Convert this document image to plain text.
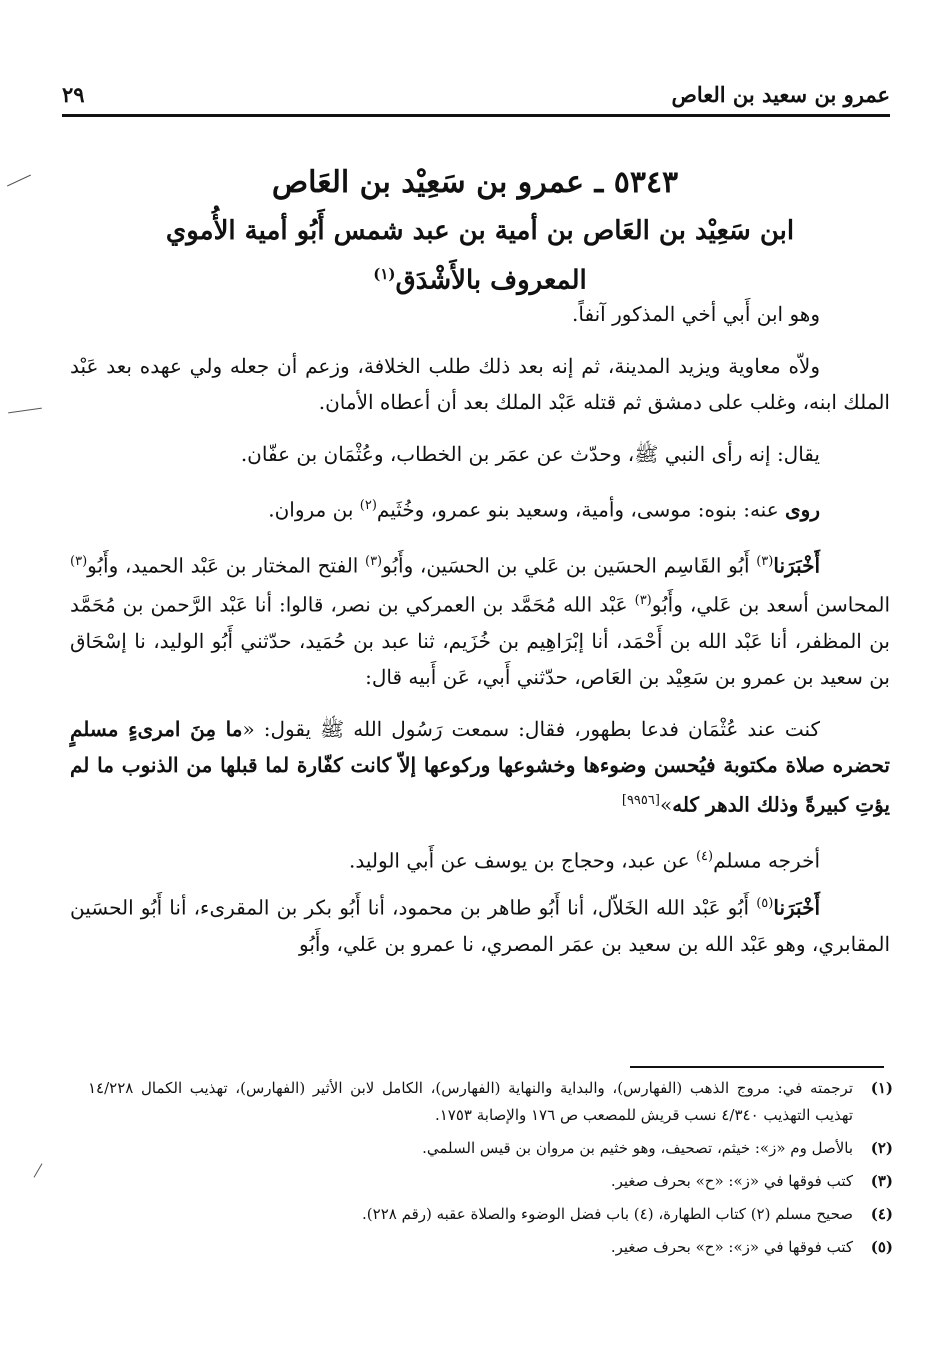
عمرو بن سعيد بن العاص
٢٩
٥٣٤٣ ـ عمرو بن سَعِيْد بن العَاص
ابن سَعِيْد بن العَاص بن أمية بن عبد شمس أَبُو أمية الأُموي
المعروف بالأَشْدَق$^{(١)}$

وهو ابن أَبي أخي المذكور آنفاً.

ولاّه معاوية ويزيد المدينة، ثم إنه بعد ذلك طلب الخلافة، وزعم أن جعله ولي عهده بعد عَبْد الملك ابنه، وغلب على دمشق ثم قتله عَبْد الملك بعد أن أعطاه الأمان.

يقال: إنه رأى النبي ﷺ، وحدّث عن عمَر بن الخطاب، وعُثْمَان بن عفّان.

روى عنه: بنوه: موسى، وأمية، وسعيد بنو عمرو، وخُثَيم$^{(٢)}$ بن مروان.

أَخْبَرَنا$^{(٣)}$ أَبُو القَاسِم الحسَين بن عَلي بن الحسَين، وأَبُو$^{(٣)}$ الفتح المختار بن عَبْد الحميد، وأَبُو$^{(٣)}$ المحاسن أسعد بن عَلي، وأَبُو$^{(٣)}$ عَبْد الله مُحَمَّد بن العمركي بن نصر، قالوا: أنا عَبْد الرَّحمن بن مُحَمَّد بن المظفر، أنا عَبْد الله بن أَحْمَد، أنا إبْرَاهِيم بن خُزَيم، ثنا عبد بن حُمَيد، حدّثني أَبُو الوليد، نا إسْحَاق بن سعيد بن عمرو بن سَعِيْد بن العَاص، حدّثني أَبي، عَن أَبيه قال:

كنت عند عُثْمَان فدعا بطهور، فقال: سمعت رَسُول الله ﷺ يقول: «ما مِنَ امرىءٍ مسلمٍ تحضره صلاة مكتوبة فيُحسن وضوءها وخشوعها وركوعها إلاّ كانت كفّارة لما قبلها من الذنوب ما لم يؤتِ كبيرةً وذلك الدهر كله»[٩٩٥٦]

أخرجه مسلم$^{(٤)}$ عن عبد، وحجاج بن يوسف عن أَبي الوليد.

أَخْبَرَنا$^{(٥)}$ أَبُو عَبْد الله الخَلاّل، أنا أَبُو طاهر بن محمود، أنا أَبُو بكر بن المقرىء، أنا أَبُو الحسَين المقابري، وهو عَبْد الله بن سعيد بن عمَر المصري، نا عمرو بن عَلي، وأَبُو

(١)
ترجمته في: مروج الذهب (الفهارس)، والبداية والنهاية (الفهارس)، الكامل لابن الأثير (الفهارس)، تهذيب الكمال ١٤/٢٢٨ تهذيب التهذيب ٤/٣٤٠ نسب قريش للمصعب ص ١٧٦ والإصابة ١٧٥٣.
(٢)
بالأصل وم «ز»: خيثم، تصحيف، وهو خثيم بن مروان بن قيس السلمي.
(٣)
كتب فوقها في «ز»: «ح» بحرف صغير.
(٤)
صحيح مسلم (٢) كتاب الطهارة، (٤) باب فضل الوضوء والصلاة عقبه (رقم ٢٢٨).
(٥)
كتب فوقها في «ز»: «ح» بحرف صغير.
